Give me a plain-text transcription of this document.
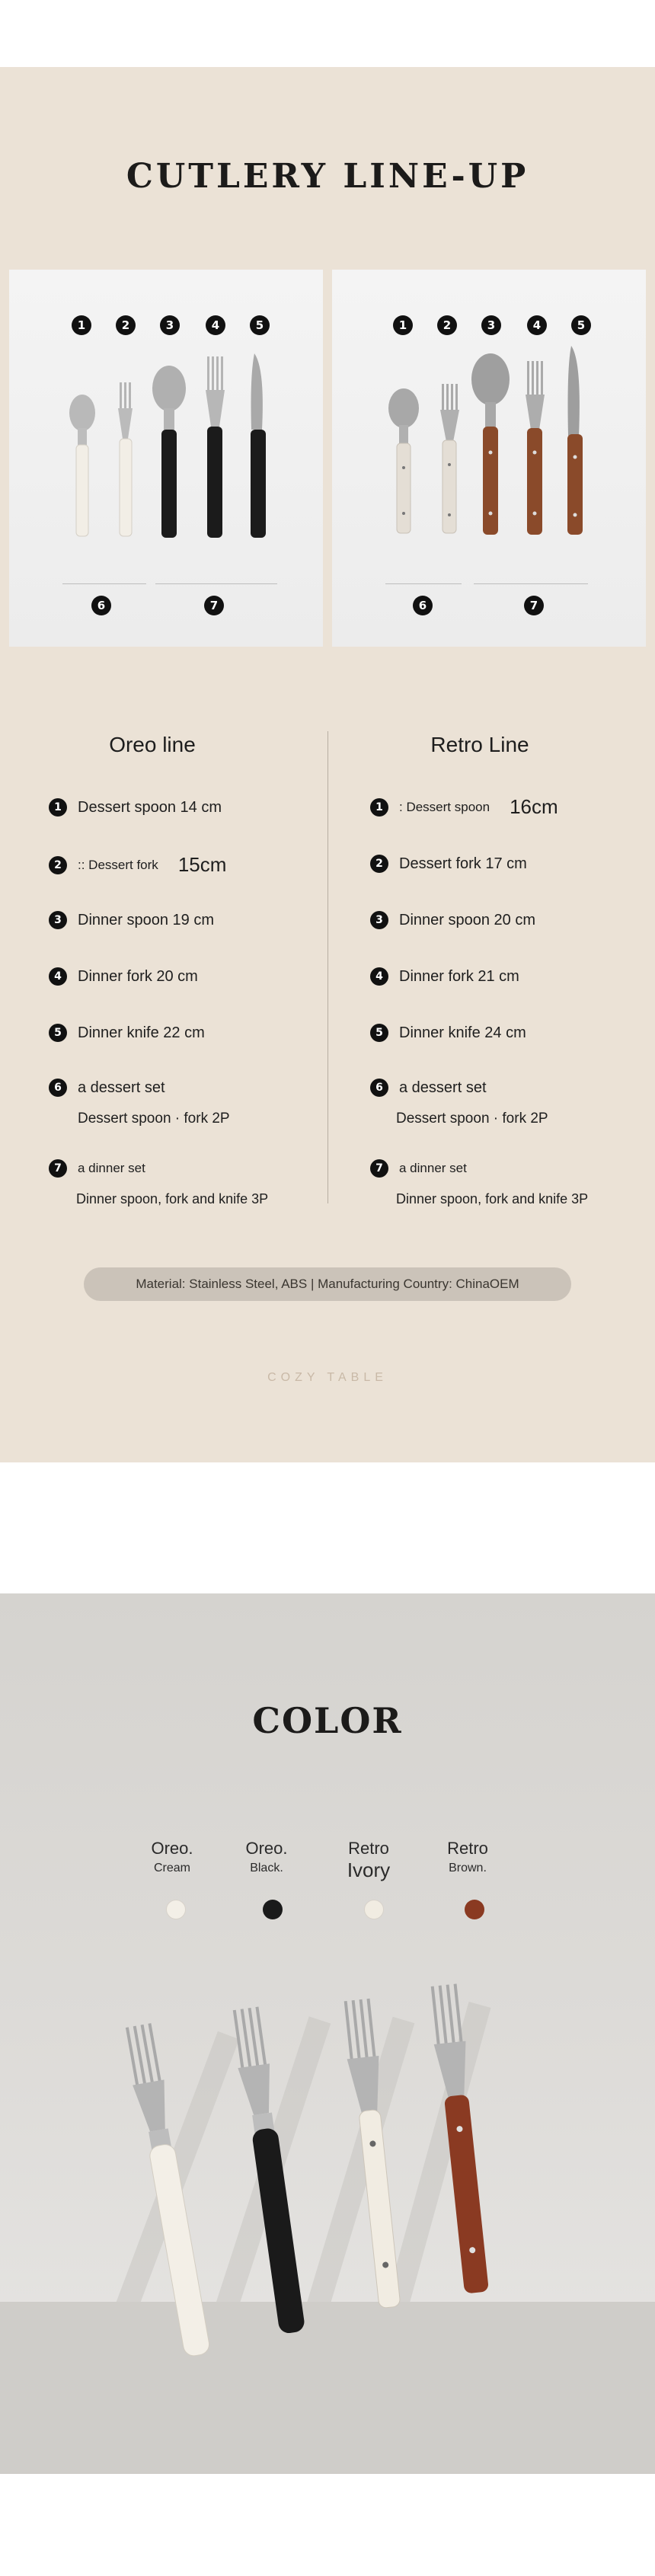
CUTLERY LINE-UP
1	2	3	4	5
6	7
1	2	3	4	5
6	7
Oreo line	Retro Line
1	Dessert spoon 14 cm
2	:: Dessert fork 15cm
3	Dinner spoon 19 cm
4	Dinner fork 20 cm
5	Dinner knife 22 cm
6	a dessert set
Dessert spoon · fork 2P
7	a dinner set
Dinner spoon, fork and knife 3P
1	: Dessert spoon 16cm
2	Dessert fork 17 cm
3	Dinner spoon 20 cm
4	Dinner fork 21 cm
5	Dinner knife 24 cm
6	a dessert set
Dessert spoon · fork 2P
7	a dinner set
Dinner spoon, fork and knife 3P
Material: Stainless Steel, ABS | Manufacturing Country: ChinaOEM
COZY TABLE
COLOR
Oreo.
Cream
Oreo.
Black.
Retro
Ivory
Retro
Brown.
